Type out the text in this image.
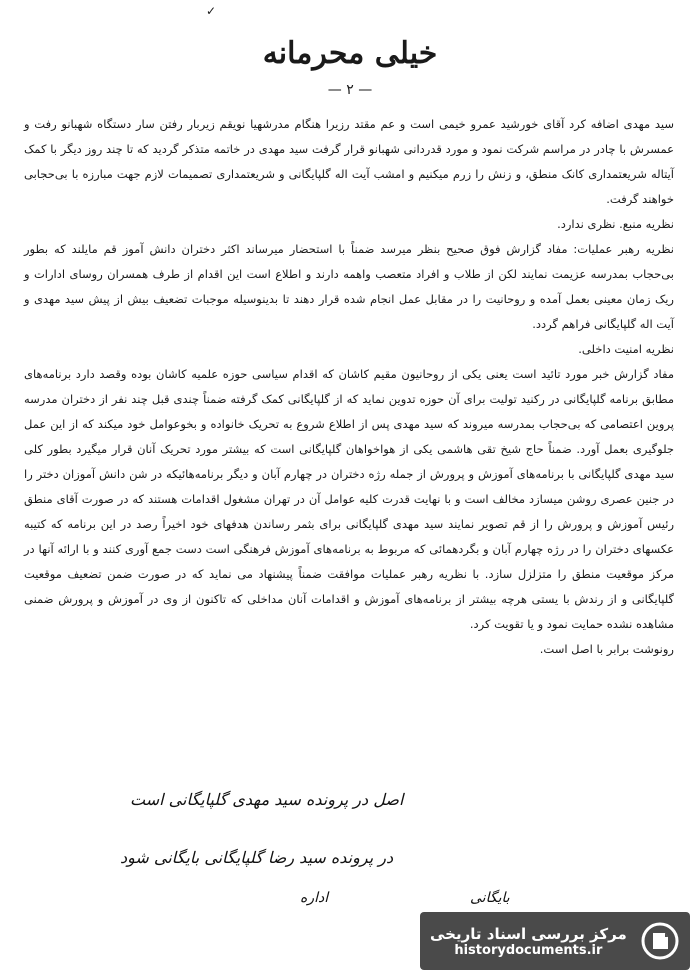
✓
خیلی محرمانه
— ۲ —

سید مهدی اضافه کرد آقای خورشید عمرو خیمی است و عم مقتد رزیرا هنگام مدرشهیا نویقم زیربار رفتن سار دستگاه شهبانو رفت و عمسرش با چادر در مراسم شرکت نمود و مورد قدردانی شهبانو قرار گرفت سید مهدی در خاتمه متذکر گردید که تا چند روز دیگر با کمک آیتاله شریعتمداری کانک منطق، و زنش را زرم میکنیم و امشب آیت اله گلپایگانی و شریعتمداری تصمیمات لازم جهت مبارزه با بی‌حجابی خواهند گرفت.

نظریه منبع. نظری ندارد.

نظریه رهبر عملیات: مفاد گزارش فوق صحیح بنظر میرسد ضمناً با استحضار میرساند اکثر دختران دانش آموز قم مایلند که بطور بی‌حجاب بمدرسه عزیمت نمایند لکن از طلاب و افراد متعصب واهمه دارند و اطلاع است این اقدام از طرف همسران روسای ادارات و ریک زمان معینی بعمل آمده و روحانیت را در مقابل عمل انجام شده قرار دهند تا بدینوسیله موجبات تضعیف بیش از پیش سید مهدی و آیت اله گلپایگانی فراهم گردد.

نظریه امنیت داخلی.

مفاد گزارش خبر مورد تائید است یعنی یکی از روحانیون مقیم کاشان که اقدام سیاسی حوزه علمیه کاشان بوده وقصد دارد برنامه‌های مطابق برنامه گلپایگانی در رکنید تولیت برای آن حوزه تدوین نماید که از گلپایگانی کمک گرفته ضمناً چندی قبل چند نفر از دختران مدرسه پروین اعتصامی که بی‌حجاب بمدرسه میروند که سید مهدی پس از اطلاع شروع به تحریک خانواده و بخوعوامل خود میکند که از این عمل جلوگیری بعمل آورد. ضمناً حاج شیخ تقی هاشمی یکی از هواخواهان گلپایگانی است که بیشتر مورد تحریک آنان قرار میگیرد بطور کلی سید مهدی گلپایگانی با برنامه‌های آموزش و پرورش از جمله رژه دختران در چهارم آبان و دیگر برنامه‌هائیکه در شن دانش آموزان دختر را در جنین عصری روشن میسازد مخالف است و با نهایت قدرت کلیه عوامل آن در تهران مشغول اقدامات هستند که در صورت آقای منطق رئیس آموزش و پرورش را از قم تصویر نمایند سید مهدی گلپایگانی برای بثمر رساندن هدفهای خود اخیراً رصد در این برنامه که کتیبه عکسهای دختران را در رژه چهارم آبان و بگردهمائی که مربوط به برنامه‌های آموزش فرهنگی است دست جمع آوری کنند و با ارائه آنها در مرکز موقعیت منطق را متزلزل سازد. با نظریه رهبر عملیات موافقت ضمناً پیشنهاد می نماید که در صورت ضمن تضعیف موقعیت گلپایگانی و از رندش با یستی هرچه بیشتر از برنامه‌های آموزش و اقدامات آنان مداخلی که تاکنون از وی در آموزش و پرورش ضمنی مشاهده نشده حمایت نمود و یا تقویت کرد.

رونوشت برابر با اصل است.

اصل در پرونده سید مهدی گلپایگانی است
در پرونده سید رضا گلپایگانی بایگانی شود
اداره	بایگانی
مرکز بررسی اسناد تاریخی
historydocuments.ir
